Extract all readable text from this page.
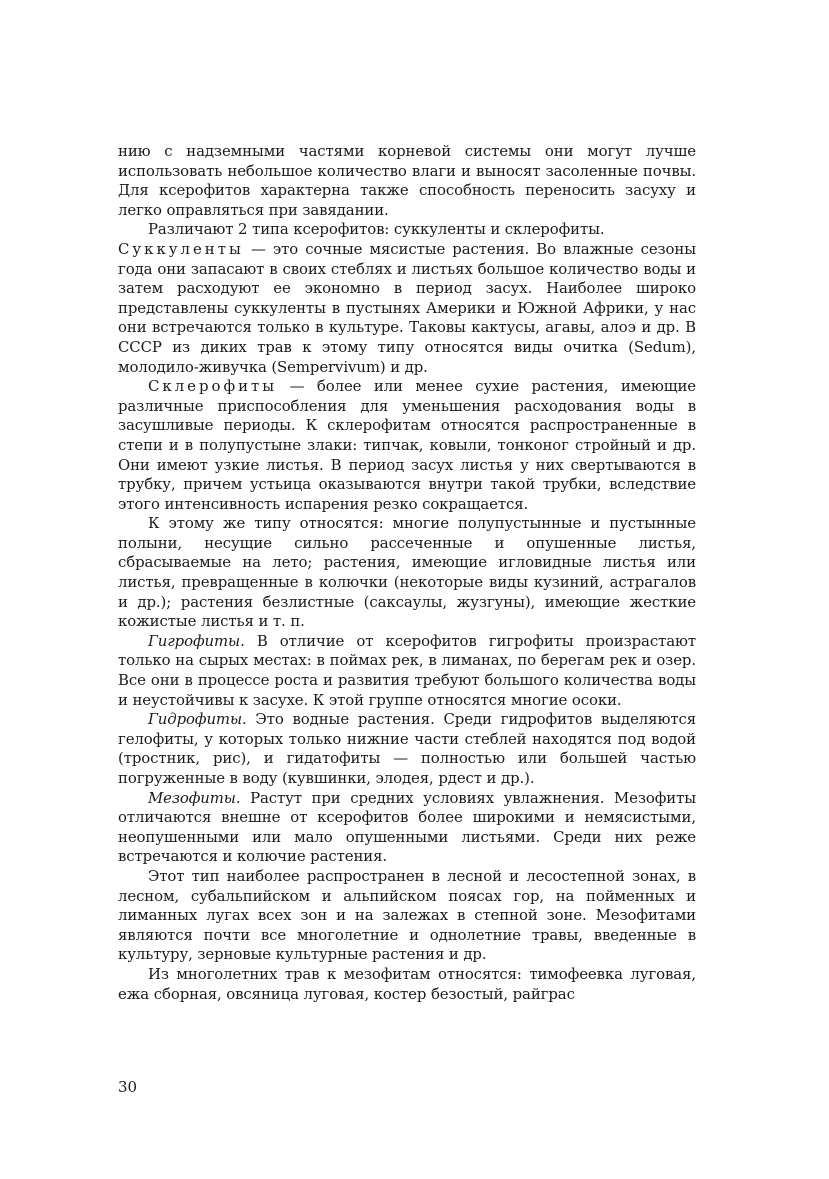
нию с надземными частями корневой системы они могут лучше использовать небольшое количество влаги и выносят засоленные почвы. Для ксерофитов характерна также способность переносить засуху и легко оправляться при завядании.

Различают 2 типа ксерофитов: суккуленты и склерофиты.

Суккуленты — это сочные мясистые растения. Во влажные сезоны года они запасают в своих стеблях и листьях большое количество воды и затем расходуют ее экономно в период засух. Наиболее широко представлены суккуленты в пустынях Америки и Южной Африки, у нас они встречаются только в культуре. Таковы кактусы, агавы, алоэ и др. В СССР из диких трав к этому типу относятся виды очитка (Sedum), молодило-живучка (Sempervivum) и др.

Склерофиты — более или менее сухие растения, имеющие различные приспособления для уменьшения расходования воды в засушливые периоды. К склерофитам относятся распространенные в степи и в полупустыне злаки: типчак, ковыли, тонконог стройный и др. Они имеют узкие листья. В период засух листья у них свертываются в трубку, причем устьица оказываются внутри такой трубки, вследствие этого интенсивность испарения резко сокращается.

К этому же типу относятся: многие полупустынные и пустынные полыни, несущие сильно рассеченные и опушенные листья, сбрасываемые на лето; растения, имеющие игловидные листья или листья, превращенные в колючки (некоторые виды кузиний, астрагалов и др.); растения безлистные (саксаулы, жузгуны), имеющие жесткие кожистые листья и т. п.

Гигрофиты. В отличие от ксерофитов гигрофиты произрастают только на сырых местах: в поймах рек, в лиманах, по берегам рек и озер. Все они в процессе роста и развития требуют большого количества воды и неустойчивы к засухе. К этой группе относятся многие осоки.

Гидрофиты. Это водные растения. Среди гидрофитов выделяются гелофиты, у которых только нижние части стеблей находятся под водой (тростник, рис), и гидатофиты — полностью или большей частью погруженные в воду (кувшинки, элодея, рдест и др.).

Мезофиты. Растут при средних условиях увлажнения. Мезофиты отличаются внешне от ксерофитов более широкими и немясистыми, неопушенными или мало опушенными листьями. Среди них реже встречаются и колючие растения.

Этот тип наиболее распространен в лесной и лесостепной зонах, в лесном, субальпийском и альпийском поясах гор, на пойменных и лиманных лугах всех зон и на залежах в степной зоне. Мезофитами являются почти все многолетние и однолетние травы, введенные в культуру, зерновые культурные растения и др.

Из многолетних трав к мезофитам относятся: тимофеевка луговая, ежа сборная, овсяница луговая, костер безостый, райграс

30
